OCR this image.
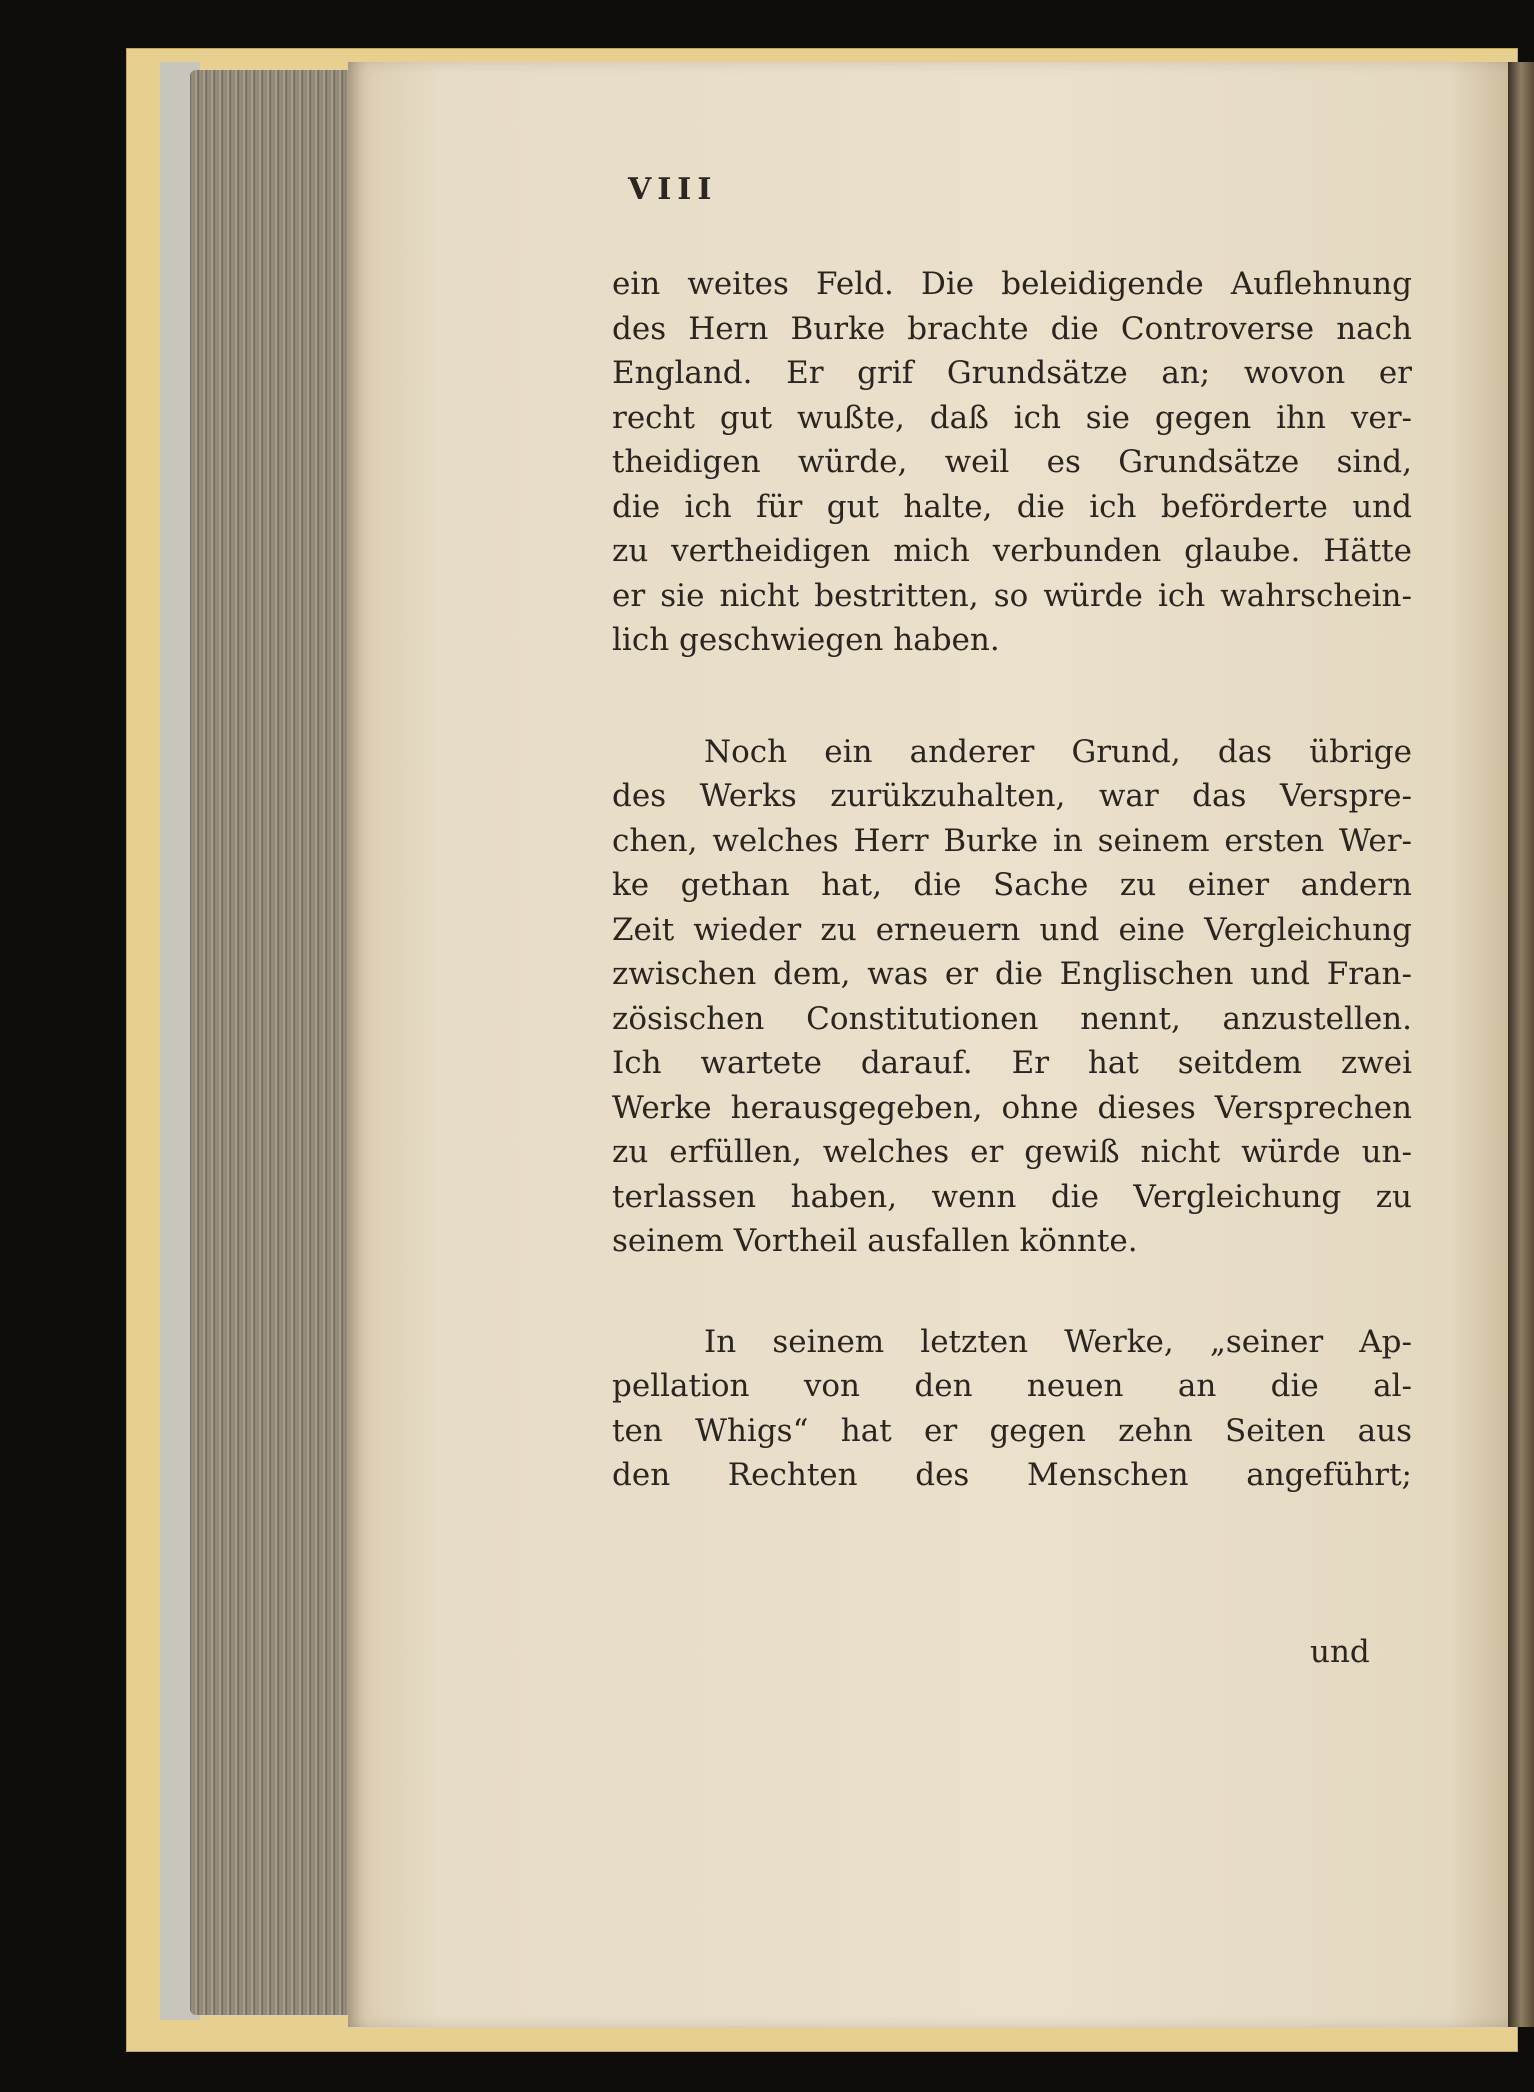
VIII

ein weites Feld. Die beleidigende Auflehnung
des Hern Burke brachte die Controverse nach
England. Er grif Grundsätze an; wovon er
recht gut wußte, daß ich sie gegen ihn ver-
theidigen würde, weil es Grundsätze sind,
die ich für gut halte, die ich beförderte und
zu vertheidigen mich verbunden glaube. Hätte
er sie nicht bestritten, so würde ich wahrschein-
lich geschwiegen haben.
Noch ein anderer Grund, das übrige
des Werks zurükzuhalten, war das Verspre-
chen, welches Herr Burke in seinem ersten Wer-
ke gethan hat, die Sache zu einer andern
Zeit wieder zu erneuern und eine Vergleichung
zwischen dem, was er die Englischen und Fran-
zösischen Constitutionen nennt, anzustellen.
Ich wartete darauf. Er hat seitdem zwei
Werke herausgegeben, ohne dieses Versprechen
zu erfüllen, welches er gewiß nicht würde un-
terlassen haben, wenn die Vergleichung zu
seinem Vortheil ausfallen könnte.
In seinem letzten Werke, „seiner Ap-
pellation von den neuen an die al-
ten Whigs“ hat er gegen zehn Seiten aus
den Rechten des Menschen angeführt;
und
